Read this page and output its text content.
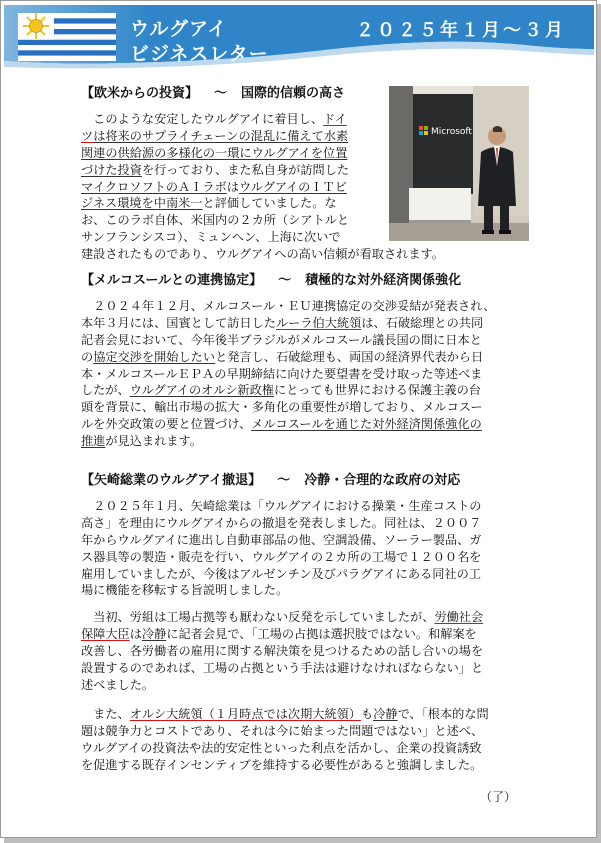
ウルグアイ
ビジネスレター
２０２５年１月～３月
【欧米からの投資】 ～ 国際的信頼の高さ
　このような安定したウルグアイに着目し、ドイ
ツは将来のサプライチェーンの混乱に備えて水素
関連の供給源の多様化の一環にウルグアイを位置
づけた投資を行っており、また私自身が訪問した
マイクロソフトのＡＩラボはウルグアイのＩＴビ
ジネス環境を中南米一と評価していました。な
お、このラボ自体、米国内の２カ所（シアトルと
サンフランシスコ）、ミュンヘン、上海に次いで
建設されたものであり、ウルグアイへの高い信頼が看取されます。
Microsoft
【メルコスールとの連携協定】 ～ 積極的な対外経済関係強化
　２０２４年１２月、メルコスール・ＥＵ連携協定の交渉妥結が発表され、
本年３月には、国賓として訪日したルーラ伯大統領は、石破総理との共同
記者会見において、今年後半ブラジルがメルコスール議長国の間に日本と
の協定交渉を開始したいと発言し、石破総理も、両国の経済界代表から日
本・メルコスールＥＰＡの早期締結に向けた要望書を受け取った等述べま
したが、ウルグアイのオルシ新政権にとっても世界における保護主義の台
頭を背景に、輸出市場の拡大・多角化の重要性が増しており、メルコスー
ルを外交政策の要と位置づけ、メルコスールを通じた対外経済関係強化の
推進が見込まれます。
【矢崎総業のウルグアイ撤退】 ～ 冷静・合理的な政府の対応
　２０２５年１月、矢崎総業は「ウルグアイにおける操業・生産コストの
高さ」を理由にウルグアイからの撤退を発表しました。同社は、２００７
年からウルグアイに進出し自動車部品の他、空調設備、ソーラー製品、ガ
ス器具等の製造・販売を行い、ウルグアイの２カ所の工場で１２００名を
雇用していましたが、今後はアルゼンチン及びパラグアイにある同社の工
場に機能を移転する旨説明しました。
　当初、労組は工場占拠等も厭わない反発を示していましたが、労働社会
保障大臣は冷静に記者会見で、「工場の占拠は選択肢ではない。和解案を
改善し、各労働者の雇用に関する解決策を見つけるための話し合いの場を
設置するのであれば、工場の占拠という手法は避けなければならない」と
述べました。
　また、オルシ大統領（１月時点では次期大統領）も冷静で、「根本的な問
題は競争力とコストであり、それは今に始まった問題ではない」と述べ、
ウルグアイの投資法や法的安定性といった利点を活かし、企業の投資誘致
を促進する既存インセンティブを維持する必要性があると強調しました。
（了）
